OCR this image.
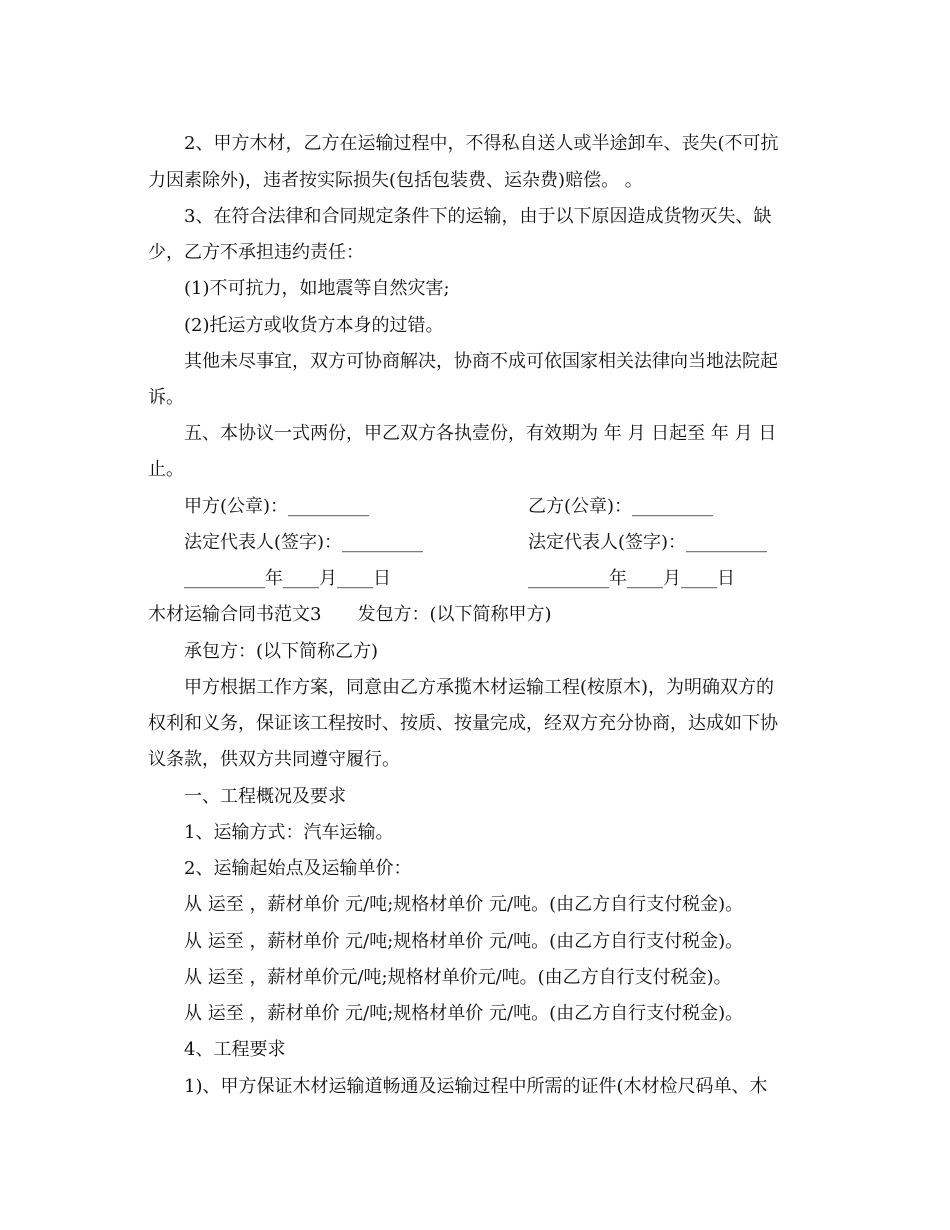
2、甲方木材，乙方在运输过程中，不得私自送人或半途卸车、丧失(不可抗
力因素除外)，违者按实际损失(包括包装费、运杂费)赔偿。 。
3、在符合法律和合同规定条件下的运输，由于以下原因造成货物灭失、缺
少，乙方不承担违约责任：
(1)不可抗力，如地震等自然灾害;
(2)托运方或收货方本身的过错。
其他未尽事宜，双方可协商解决，协商不成可依国家相关法律向当地法院起
诉。
五、本协议一式两份，甲乙双方各执壹份，有效期为 年 月 日起至 年 月 日
止。
甲方(公章)：_________	乙方(公章)：_________
法定代表人(签字)：_________	法定代表人(签字)：_________
_________年____月____日	_________年____月____日
木材运输合同书范文3　　发包方：(以下简称甲方)
承包方：(以下简称乙方)
甲方根据工作方案，同意由乙方承揽木材运输工程(桉原木)，为明确双方的
权利和义务，保证该工程按时、按质、按量完成，经双方充分协商，达成如下协
议条款，供双方共同遵守履行。
一、工程概况及要求
1、运输方式：汽车运输。
2、运输起始点及运输单价：
从 运至 ，薪材单价 元/吨;规格材单价 元/吨。(由乙方自行支付税金)。
从 运至 ，薪材单价 元/吨;规格材单价 元/吨。(由乙方自行支付税金)。
从 运至 ，薪材单价元/吨;规格材单价元/吨。(由乙方自行支付税金)。
从 运至 ，薪材单价 元/吨;规格材单价 元/吨。(由乙方自行支付税金)。
4、工程要求
1)、甲方保证木材运输道畅通及运输过程中所需的证件(木材检尺码单、木
